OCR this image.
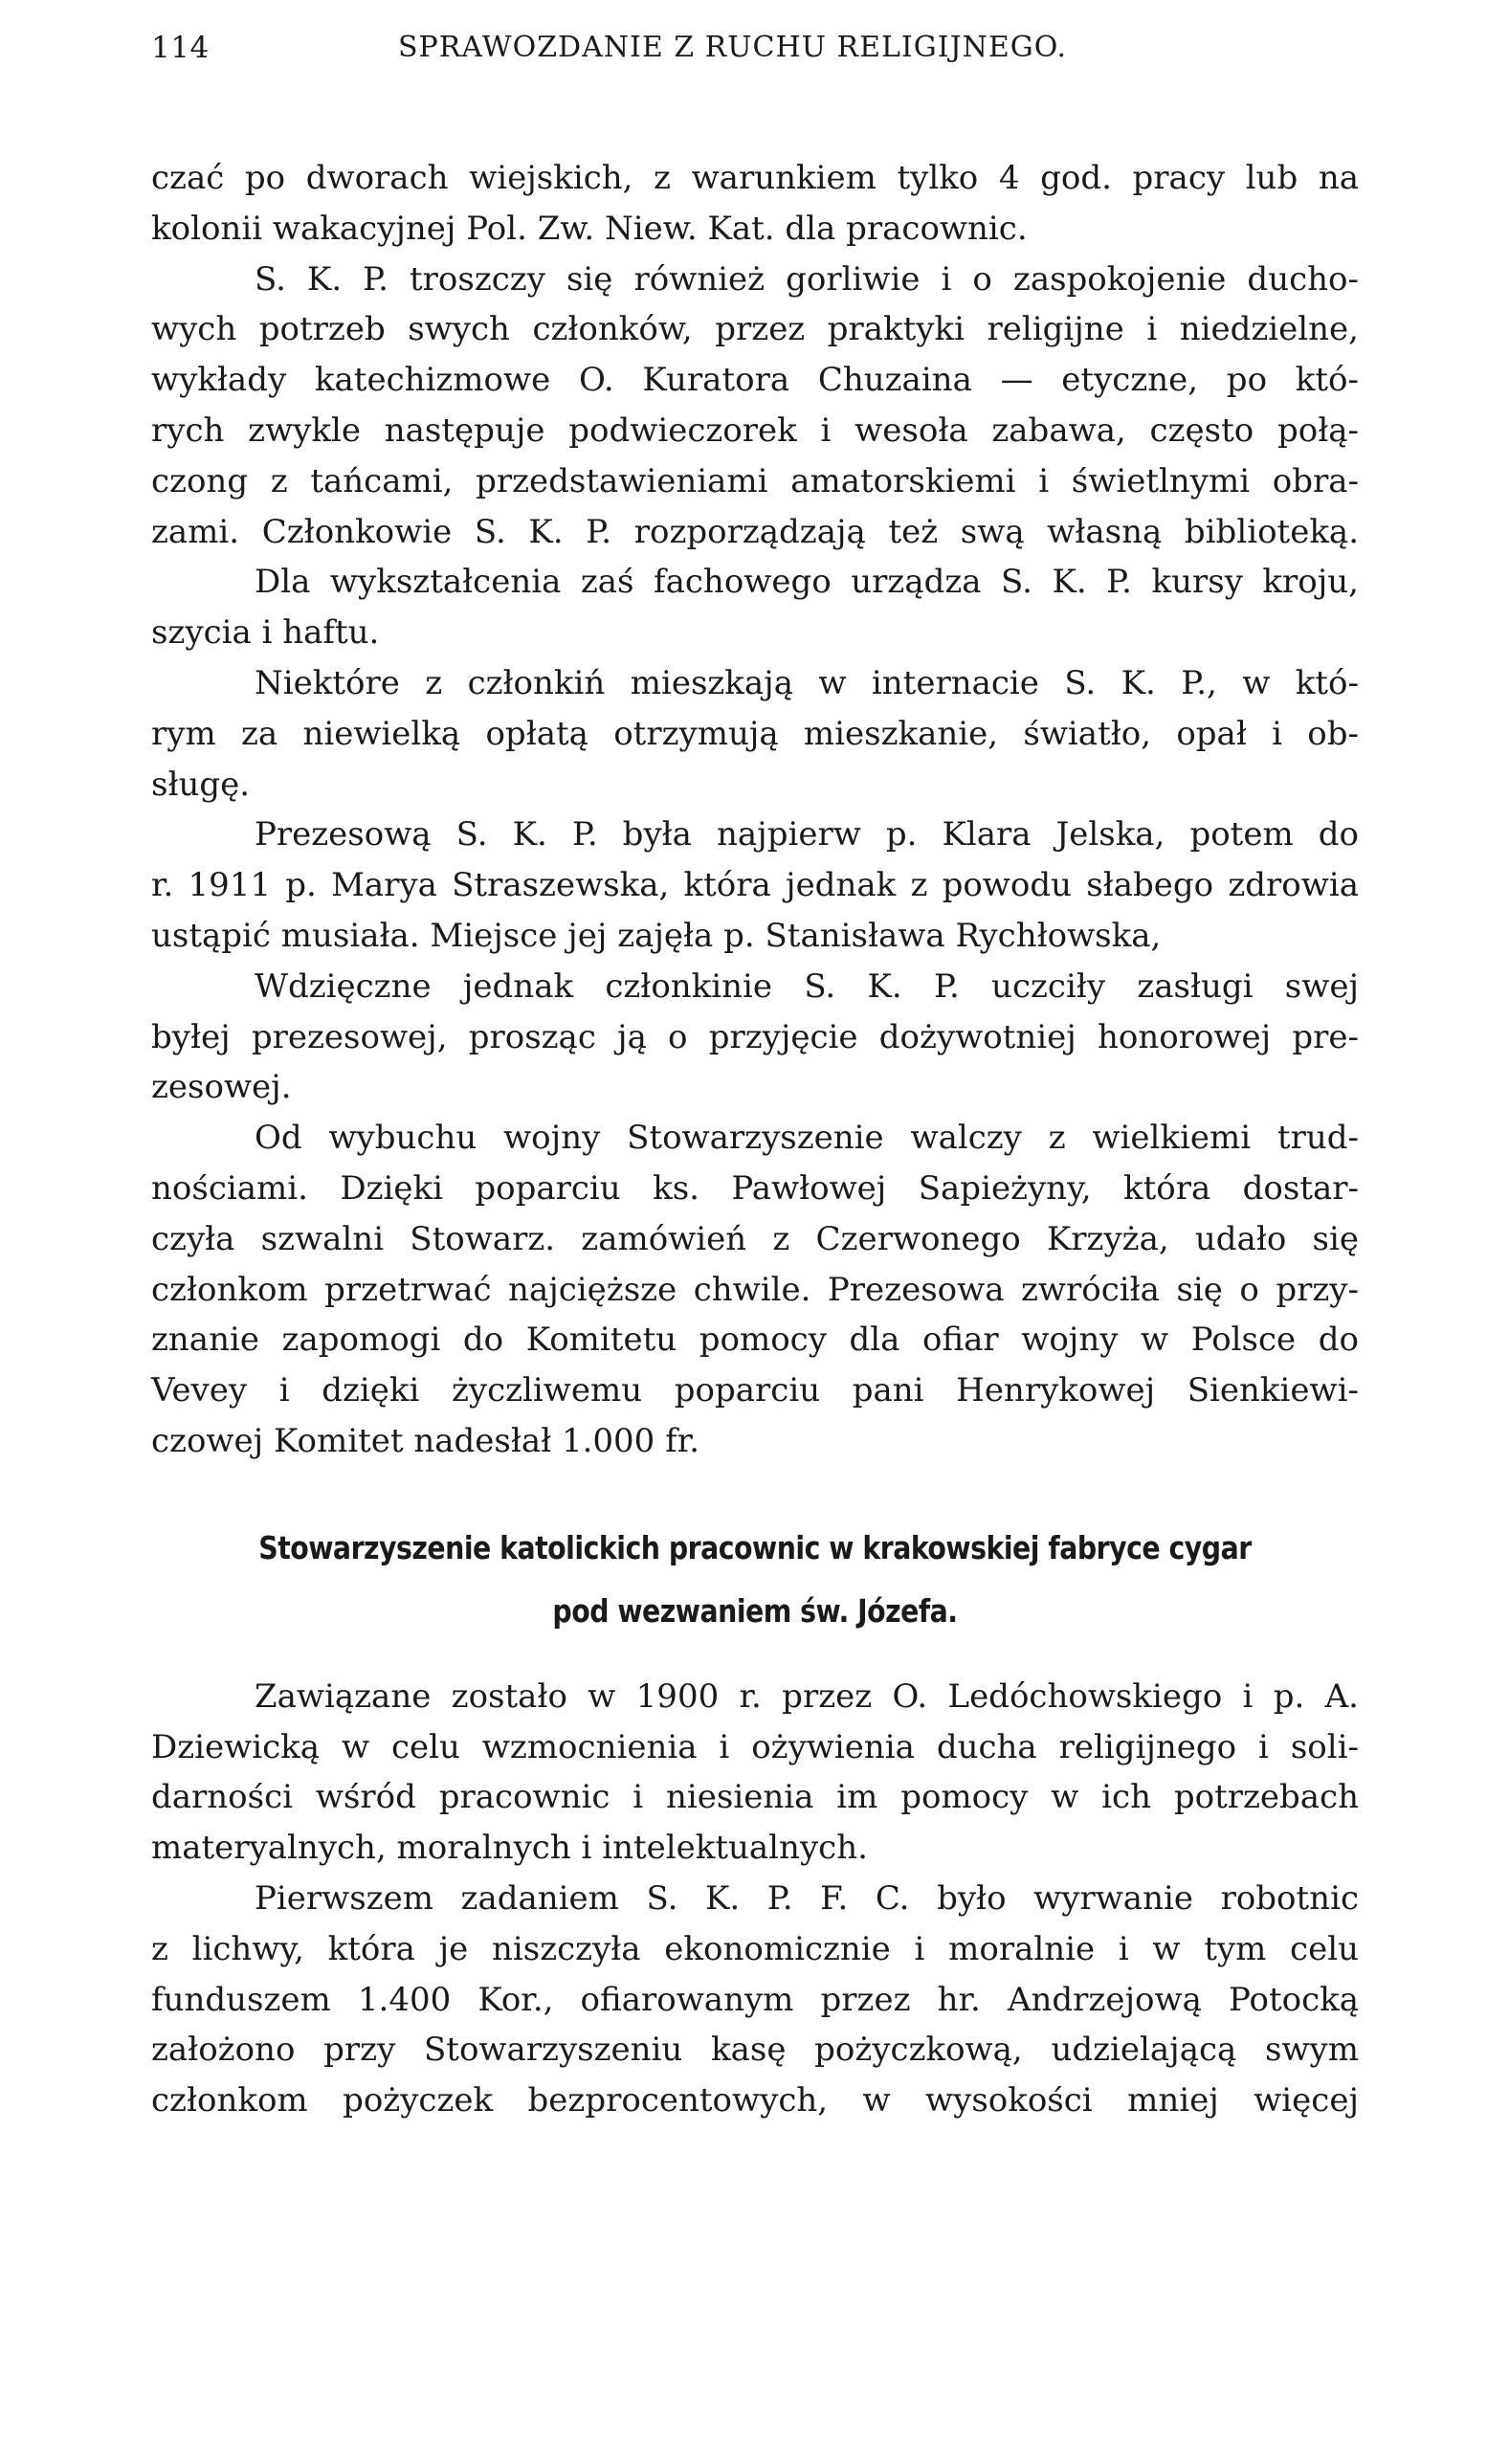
114	SPRAWOZDANIE Z RUCHU RELIGIJNEGO.
czać po dworach wiejskich, z warunkiem tylko 4 god. pracy lub na
kolonii wakacyjnej Pol. Zw. Niew. Kat. dla pracownic.
S. K. P. troszczy się również gorliwie i o zaspokojenie ducho-
wych potrzeb swych członków, przez praktyki religijne i niedzielne,
wykłady katechizmowe O. Kuratora Chuzaina — etyczne, po któ-
rych zwykle następuje podwieczorek i wesoła zabawa, często połą-
czong z tańcami, przedstawieniami amatorskiemi i świetlnymi obra-
zami. Członkowie S. K. P. rozporządzają też swą własną biblioteką.
Dla wykształcenia zaś fachowego urządza S. K. P. kursy kroju,
szycia i haftu.
Niektóre z członkiń mieszkają w internacie S. K. P., w któ-
rym za niewielką opłatą otrzymują mieszkanie, światło, opał i ob-
sługę.
Prezesową S. K. P. była najpierw p. Klara Jelska, potem do
r. 1911 p. Marya Straszewska, która jednak z powodu słabego zdrowia
ustąpić musiała. Miejsce jej zajęła p. Stanisława Rychłowska,
Wdzięczne jednak członkinie S. K. P. uczciły zasługi swej
byłej prezesowej, prosząc ją o przyjęcie dożywotniej honorowej pre-
zesowej.
Od wybuchu wojny Stowarzyszenie walczy z wielkiemi trud-
nościami. Dzięki poparciu ks. Pawłowej Sapieżyny, która dostar-
czyła szwalni Stowarz. zamówień z Czerwonego Krzyża, udało się
członkom przetrwać najcięższe chwile. Prezesowa zwróciła się o przy-
znanie zapomogi do Komitetu pomocy dla ofiar wojny w Polsce do
Vevey i dzięki życzliwemu poparciu pani Henrykowej Sienkiewi-
czowej Komitet nadesłał 1.000 fr.
Stowarzyszenie katolickich pracownic w krakowskiej fabryce cygar
pod wezwaniem św. Józefa.
Zawiązane zostało w 1900 r. przez O. Ledóchowskiego i p. A.
Dziewicką w celu wzmocnienia i ożywienia ducha religijnego i soli-
darności wśród pracownic i niesienia im pomocy w ich potrzebach
materyalnych, moralnych i intelektualnych.
Pierwszem zadaniem S. K. P. F. C. było wyrwanie robotnic
z lichwy, która je niszczyła ekonomicznie i moralnie i w tym celu
funduszem 1.400 Kor., ofiarowanym przez hr. Andrzejową Potocką
założono przy Stowarzyszeniu kasę pożyczkową, udzielającą swym
członkom pożyczek bezprocentowych, w wysokości mniej więcej
